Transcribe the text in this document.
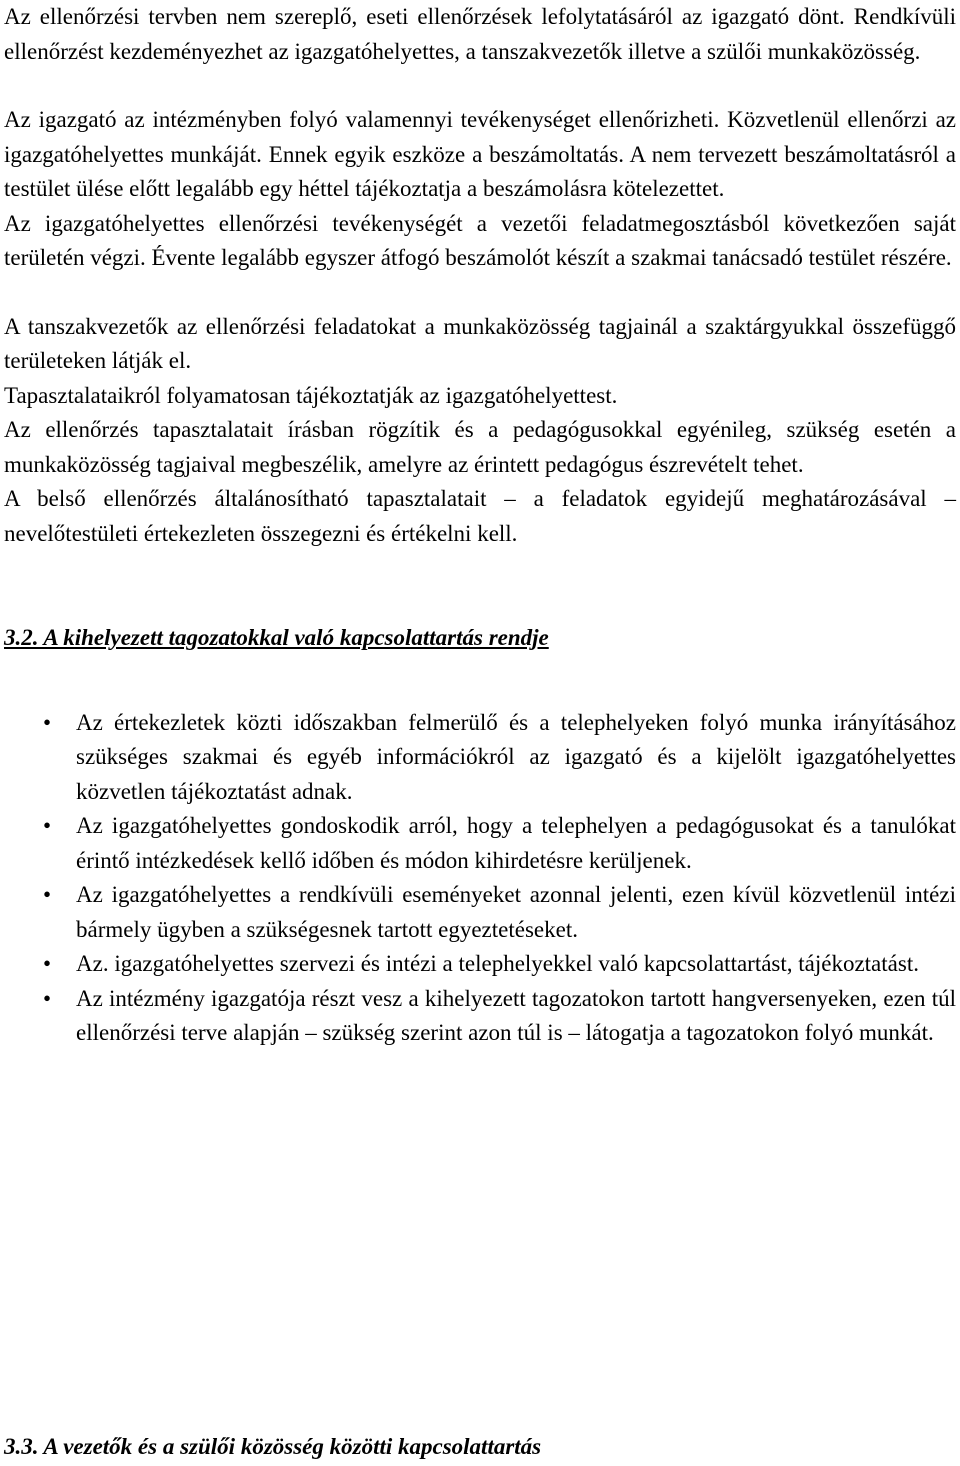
Az ellenőrzési tervben nem szereplő, eseti ellenőrzések lefolytatásáról az igazgató dönt. Rendkívüli ellenőrzést kezdeményezhet az igazgatóhelyettes, a tanszakvezetők illetve a szülői munkaközösség.

Az igazgató az intézményben folyó valamennyi tevékenységet ellenőrizheti. Közvetlenül ellenőrzi az igazgatóhelyettes munkáját. Ennek egyik eszköze a beszámoltatás. A nem tervezett beszámoltatásról a testület ülése előtt legalább egy héttel tájékoztatja a beszámolásra kötelezettet.

Az igazgatóhelyettes ellenőrzési tevékenységét a vezetői feladatmegosztásból következően saját területén végzi. Évente legalább egyszer átfogó beszámolót készít a szakmai tanácsadó testület részére.

A tanszakvezetők az ellenőrzési feladatokat a munkaközösség tagjainál a szaktárgyukkal összefüggő területeken látják el.

Tapasztalataikról folyamatosan tájékoztatják az igazgatóhelyettest.

Az ellenőrzés tapasztalatait írásban rögzítik és a pedagógusokkal egyénileg, szükség esetén a munkaközösség tagjaival megbeszélik, amelyre az érintett pedagógus észrevételt tehet.

A belső ellenőrzés általánosítható tapasztalatait – a feladatok egyidejű meghatározásával – nevelőtestületi értekezleten összegezni és értékelni kell.

3.2. A kihelyezett tagozatokkal való kapcsolattartás rendje

• Az értekezletek közti időszakban felmerülő és a telephelyeken folyó munka irányításához szükséges szakmai és egyéb információkról az igazgató és a kijelölt igazgatóhelyettes közvetlen tájékoztatást adnak.
• Az igazgatóhelyettes gondoskodik arról, hogy a telephelyen a pedagógusokat és a tanulókat érintő intézkedések kellő időben és módon kihirdetésre kerüljenek.
• Az igazgatóhelyettes a rendkívüli eseményeket azonnal jelenti, ezen kívül közvetlenül intézi bármely ügyben a szükségesnek tartott egyeztetéseket.
• Az. igazgatóhelyettes szervezi és intézi a telephelyekkel való kapcsolattartást, tájékoztatást.
• Az intézmény igazgatója részt vesz a kihelyezett tagozatokon tartott hangversenyeken, ezen túl ellenőrzési terve alapján – szükség szerint azon túl is – látogatja a tagozatokon folyó munkát.

3.3. A vezetők és a szülői közösség közötti kapcsolattartás
